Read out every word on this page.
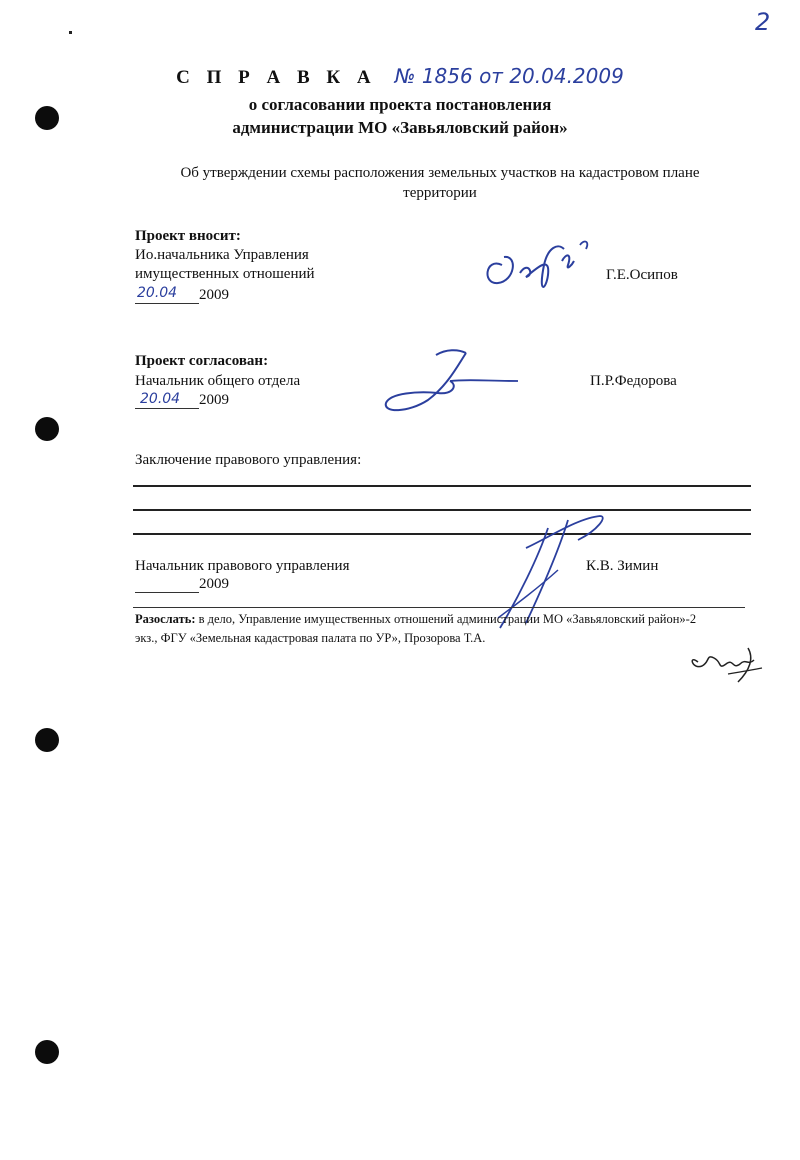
2
С П Р А В К А № 1856 от 20.04.2009
о согласовании проекта постановления
администрации МО «Завьяловский район»
Об утверждении схемы расположения земельных участков на кадастровом плане
территории
Проект вносит:
Ио.начальника Управления
имущественных отношений
20.04 2009
Г.Е.Осипов
Проект согласован:
Начальник общего отдела
20.04 2009
П.Р.Федорова
Заключение правового управления:
Начальник правового управления
2009
К.В. Зимин
Разослать: в дело, Управление имущественных отношений администрации МО «Завьяловский район»-2
экз., ФГУ «Земельная кадастровая палата по УР», Прозорова Т.А.
